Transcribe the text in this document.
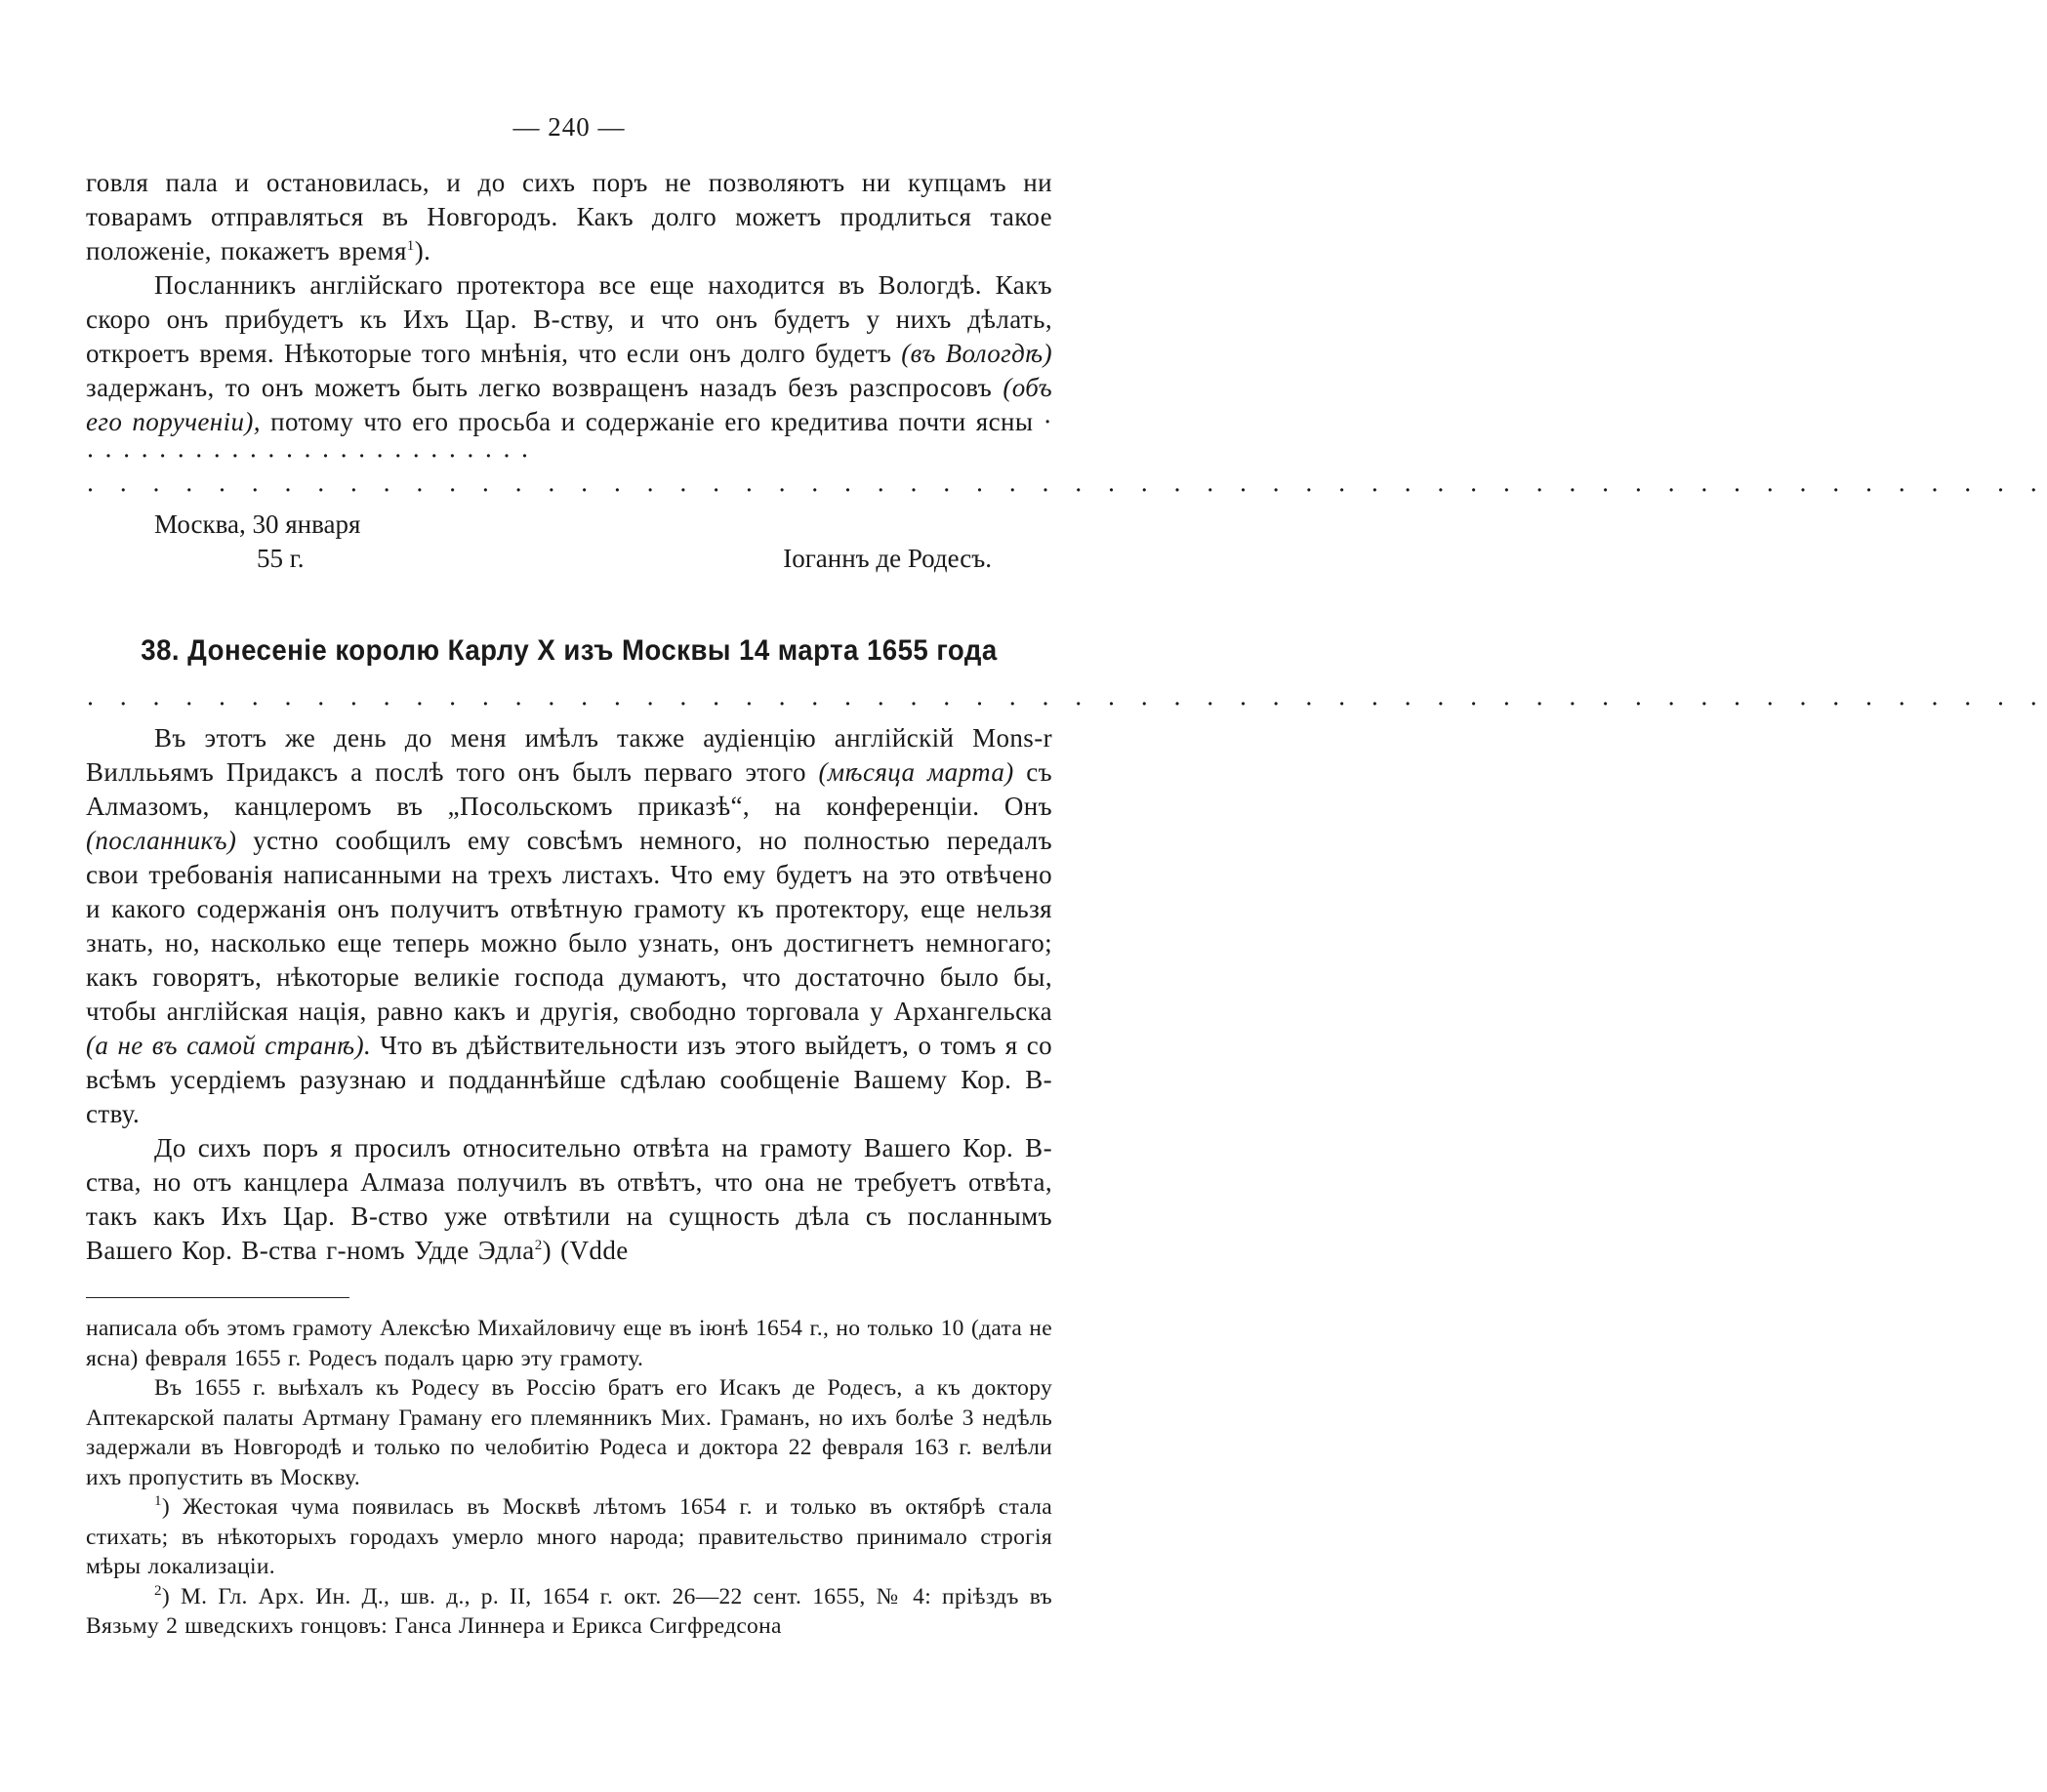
— 240 —

говля пала и остановилась, и до сихъ поръ не позволяютъ ни купцамъ ни товарамъ отправляться въ Новгородъ. Какъ долго можетъ продлиться такое положеніе, покажетъ время$^1$).

Посланникъ англійскаго протектора все еще находится въ Вологдѣ. Какъ скоро онъ прибудетъ къ Ихъ Цар. В-ству, и что онъ будетъ у нихъ дѣлать, откроетъ время. Нѣкоторые того мнѣнія, что если онъ долго будетъ (въ Вологдѣ) задержанъ, то онъ можетъ быть легко возвращенъ назадъ безъ разспросовъ (объ его порученіи), потому что его просьба и содержаніе его кредитива почти ясны · · · · · · · · · · · · · · · · · · · · · · · · · ·

· · · · · · · · · · · · · · · · · · · · · · · · · · · · · · · · · · · · · · · · · · · · · · · · · · · · · · · · · · · ·
Москва, 30 января
55 г.	Іоганнъ де Родесъ.
38. Донесеніе королю Карлу X изъ Москвы 14 марта 1655 года
· · · · · · · · · · · · · · · · · · · · · · · · · · · · · · · · · · · · · · · · · · · · · · · · · · · · · · · · · · · ·

Въ этотъ же день до меня имѣлъ также аудіенцію англійскій Mons-r Виллььямъ Придаксъ а послѣ того онъ былъ перваго этого (мѣсяца марта) съ Алмазомъ, канцлеромъ въ „Посольскомъ приказѣ“, на конференціи. Онъ (посланникъ) устно сообщилъ ему совсѣмъ немного, но полностью передалъ свои требованія написанными на трехъ листахъ. Что ему будетъ на это отвѣчено и какого содержанія онъ получитъ отвѣтную грамоту къ протектору, еще нельзя знать, но, насколько еще теперь можно было узнать, онъ достигнетъ немногаго; какъ говорятъ, нѣкоторые великіе господа думаютъ, что достаточно было бы, чтобы англійская нація, равно какъ и другія, свободно торговала у Архангельска (а не въ самой странѣ). Что въ дѣйствительности изъ этого выйдетъ, о томъ я со всѣмъ усердіемъ разузнаю и подданнѣйше сдѣлаю сообщеніе Вашему Кор. В-ству.

До сихъ поръ я просилъ относительно отвѣта на грамоту Вашего Кор. В-ства, но отъ канцлера Алмаза получилъ въ отвѣтъ, что она не требуетъ отвѣта, такъ какъ Ихъ Цар. В-ство уже отвѣтили на сущность дѣла съ посланнымъ Вашего Кор. В-ства г-номъ Удде Эдла$^2$) (Vdde

написала объ этомъ грамоту Алексѣю Михайловичу еще въ іюнѣ 1654 г., но только 10 (дата не ясна) февраля 1655 г. Родесъ подалъ царю эту грамоту.

Въ 1655 г. выѣхалъ къ Родесу въ Россію братъ его Исакъ де Родесъ, а къ доктору Аптекарской палаты Артману Граману его племянникъ Мих. Граманъ, но ихъ болѣе 3 недѣль задержали въ Новгородѣ и только по челобитію Родеса и доктора 22 февраля 163 г. велѣли ихъ пропустить въ Москву.

$^1$) Жестокая чума появилась въ Москвѣ лѣтомъ 1654 г. и только въ октябрѣ стала стихать; въ нѣкоторыхъ городахъ умерло много народа; правительство принимало строгія мѣры локализаціи.

$^2$) М. Гл. Арх. Ин. Д., шв. д., р. II, 1654 г. окт. 26—22 сент. 1655, № 4: пріѣздъ въ Вязьму 2 шведскихъ гонцовъ: Ганса Линнера и Ерикса Сигфредсона
